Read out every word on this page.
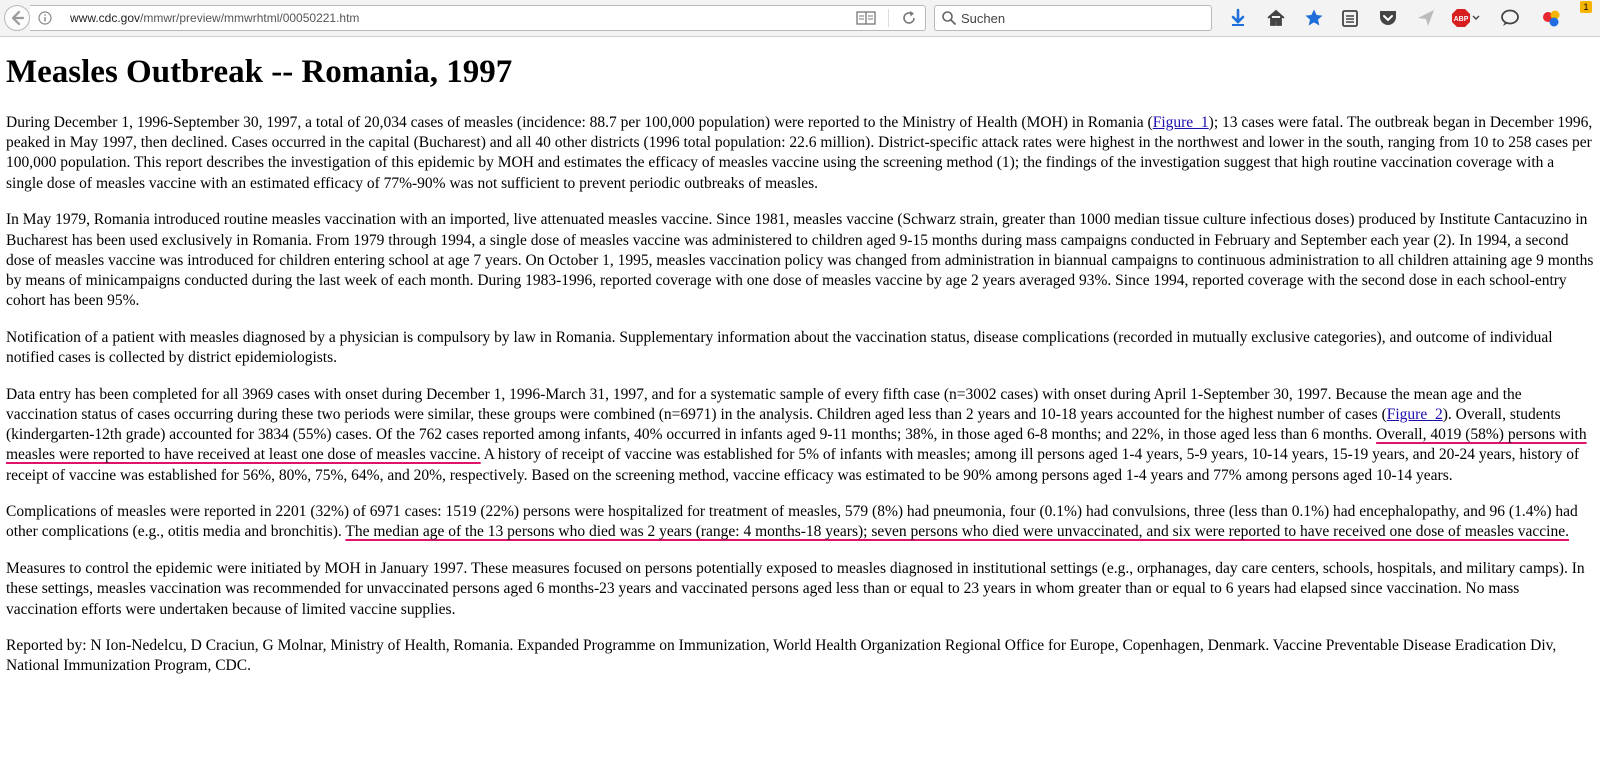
www.cdc.gov/mmwr/preview/mmwrhtml/00050221.htm
Suchen	ABP
1
Measles Outbreak -- Romania, 1997

During December 1, 1996-September 30, 1997, a total of 20,034 cases of measles (incidence: 88.7 per 100,000 population) were reported to the Ministry of Health (MOH) in Romania (Figure_1); 13 cases were fatal. The outbreak began in December 1996, peaked in May 1997, then declined. Cases occurred in the capital (Bucharest) and all 40 other districts (1996 total population: 22.6 million). District-specific attack rates were highest in the northwest and lower in the south, ranging from 10 to 258 cases per 100,000 population. This report describes the investigation of this epidemic by MOH and estimates the efficacy of measles vaccine using the screening method (1); the findings of the investigation suggest that high routine vaccination coverage with a single dose of measles vaccine with an estimated efficacy of 77%-90% was not sufficient to prevent periodic outbreaks of measles.

In May 1979, Romania introduced routine measles vaccination with an imported, live attenuated measles vaccine. Since 1981, measles vaccine (Schwarz strain, greater than 1000 median tissue culture infectious doses) produced by Institute Cantacuzino in Bucharest has been used exclusively in Romania. From 1979 through 1994, a single dose of measles vaccine was administered to children aged 9-15 months during mass campaigns conducted in February and September each year (2). In 1994, a second dose of measles vaccine was introduced for children entering school at age 7 years. On October 1, 1995, measles vaccination policy was changed from administration in biannual campaigns to continuous administration to all children attaining age 9 months by means of minicampaigns conducted during the last week of each month. During 1983-1996, reported coverage with one dose of measles vaccine by age 2 years averaged 93%. Since 1994, reported coverage with the second dose in each school-entry cohort has been 95%.

Notification of a patient with measles diagnosed by a physician is compulsory by law in Romania. Supplementary information about the vaccination status, disease complications (recorded in mutually exclusive categories), and outcome of individual notified cases is collected by district epidemiologists.

Data entry has been completed for all 3969 cases with onset during December 1, 1996-March 31, 1997, and for a systematic sample of every fifth case (n=3002 cases) with onset during April 1-September 30, 1997. Because the mean age and the vaccination status of cases occurring during these two periods were similar, these groups were combined (n=6971) in the analysis. Children aged less than 2 years and 10-18 years accounted for the highest number of cases (Figure_2). Overall, students (kindergarten-12th grade) accounted for 3834 (55%) cases. Of the 762 cases reported among infants, 40% occurred in infants aged 9-11 months; 38%, in those aged 6-8 months; and 22%, in those aged less than 6 months. Overall, 4019 (58%) persons with measles were reported to have received at least one dose of measles vaccine. A history of receipt of vaccine was established for 5% of infants with measles; among ill persons aged 1-4 years, 5-9 years, 10-14 years, 15-19 years, and 20-24 years, history of receipt of vaccine was established for 56%, 80%, 75%, 64%, and 20%, respectively. Based on the screening method, vaccine efficacy was estimated to be 90% among persons aged 1-4 years and 77% among persons aged 10-14 years.

Complications of measles were reported in 2201 (32%) of 6971 cases: 1519 (22%) persons were hospitalized for treatment of measles, 579 (8%) had pneumonia, four (0.1%) had convulsions, three (less than 0.1%) had encephalopathy, and 96 (1.4%) had other complications (e.g., otitis media and bronchitis). The median age of the 13 persons who died was 2 years (range: 4 months-18 years); seven persons who died were unvaccinated, and six were reported to have received one dose of measles vaccine.

Measures to control the epidemic were initiated by MOH in January 1997. These measures focused on persons potentially exposed to measles diagnosed in institutional settings (e.g., orphanages, day care centers, schools, hospitals, and military camps). In these settings, measles vaccination was recommended for unvaccinated persons aged 6 months-23 years and vaccinated persons aged less than or equal to 23 years in whom greater than or equal to 6 years had elapsed since vaccination. No mass vaccination efforts were undertaken because of limited vaccine supplies.

Reported by: N Ion-Nedelcu, D Craciun, G Molnar, Ministry of Health, Romania. Expanded Programme on Immunization, World Health Organization Regional Office for Europe, Copenhagen, Denmark. Vaccine Preventable Disease Eradication Div, National Immunization Program, CDC.
